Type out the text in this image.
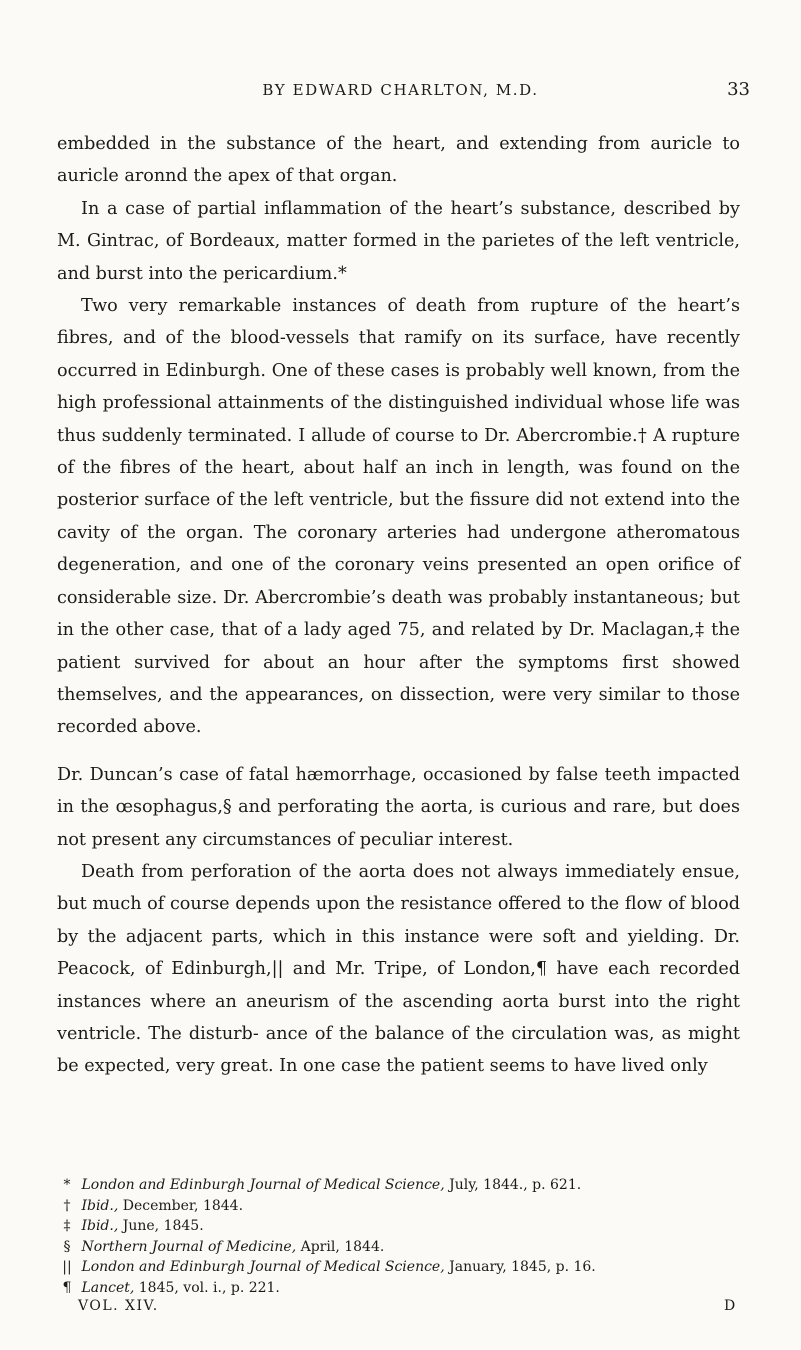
BY EDWARD CHARLTON, M.D.	33

embedded in the substance of the heart, and extending from auricle to auricle aronnd the apex of that organ.

In a case of partial inflammation of the heart’s substance, described by M. Gintrac, of Bordeaux, matter formed in the parietes of the left ventricle, and burst into the pericardium.*

Two very remarkable instances of death from rupture of the heart’s fibres, and of the blood-vessels that ramify on its surface, have recently occurred in Edinburgh. One of these cases is probably well known, from the high professional attainments of the distinguished individual whose life was thus suddenly terminated. I allude of course to Dr. Abercrombie.† A rupture of the fibres of the heart, about half an inch in length, was found on the posterior surface of the left ventricle, but the fissure did not extend into the cavity of the organ. The coronary arteries had undergone atheromatous degeneration, and one of the coronary veins presented an open orifice of considerable size. Dr. Abercrombie’s death was probably instantaneous; but in the other case, that of a lady aged 75, and related by Dr. Maclagan,‡ the patient survived for about an hour after the symptoms first showed themselves, and the appearances, on dissection, were very similar to those recorded above.

Dr. Duncan’s case of fatal hæmorrhage, occasioned by false teeth impacted in the œsophagus,§ and perforating the aorta, is curious and rare, but does not present any circumstances of peculiar interest.

Death from perforation of the aorta does not always immediately ensue, but much of course depends upon the resistance offered to the flow of blood by the adjacent parts, which in this instance were soft and yielding. Dr. Peacock, of Edinburgh,|| and Mr. Tripe, of London,¶ have each recorded instances where an aneurism of the ascending aorta burst into the right ventricle. The disturb- ance of the balance of the circulation was, as might be expected, very great. In one case the patient seems to have lived only

* London and Edinburgh Journal of Medical Science, July, 1844., p. 621.
† Ibid., December, 1844.
‡ Ibid., June, 1845.
§ Northern Journal of Medicine, April, 1844.
|| London and Edinburgh Journal of Medical Science, January, 1845, p. 16.
¶ Lancet, 1845, vol. i., p. 221.
VOL. XIV.	D
